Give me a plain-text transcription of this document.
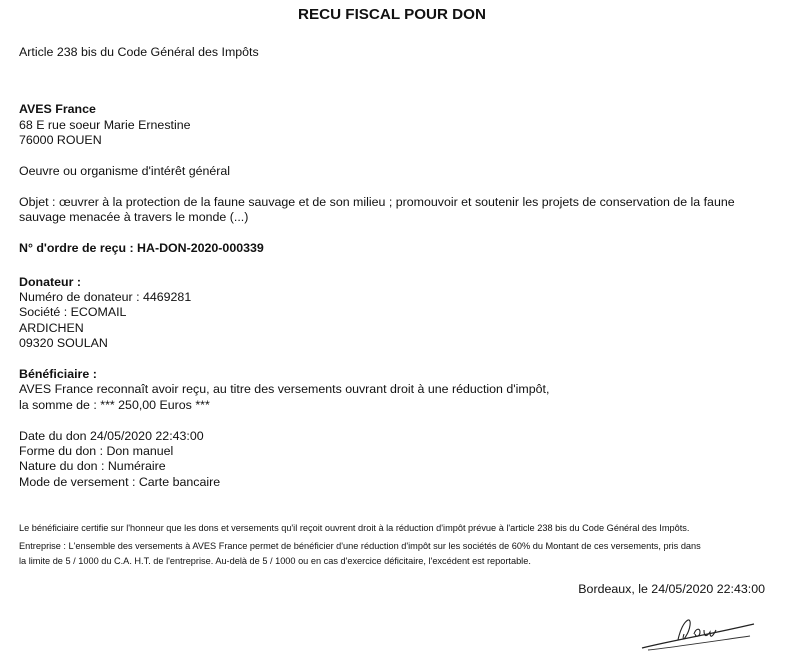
RECU FISCAL POUR DON
Article 238 bis du Code Général des Impôts
AVES France
68 E rue soeur Marie Ernestine
76000 ROUEN
Oeuvre ou organisme d'intérêt général
Objet : œuvrer à la protection de la faune sauvage et de son milieu ; promouvoir et soutenir les projets de conservation de la faune
sauvage menacée à travers le monde (...)
N° d'ordre de reçu : HA-DON-2020-000339
Donateur :
Numéro de donateur : 4469281
Société : ECOMAIL
ARDICHEN
09320 SOULAN
Bénéficiaire :
AVES France reconnaît avoir reçu, au titre des versements ouvrant droit à une réduction d'impôt,
la somme de : *** 250,00 Euros ***
Date du don 24/05/2020 22:43:00
Forme du don : Don manuel
Nature du don : Numéraire
Mode de versement : Carte bancaire
Le bénéficiaire certifie sur l'honneur que les dons et versements qu'il reçoit ouvrent droit à la réduction d'impôt prévue à l'article 238 bis du Code Général des Impôts.
Entreprise : L'ensemble des versements à AVES France permet de bénéficier d'une réduction d'impôt sur les sociétés de 60% du Montant de ces versements, pris dans
la limite de 5 / 1000 du C.A. H.T. de l'entreprise. Au-delà de 5 / 1000 ou en cas d'exercice déficitaire, l'excédent est reportable.
Bordeaux, le 24/05/2020 22:43:00
